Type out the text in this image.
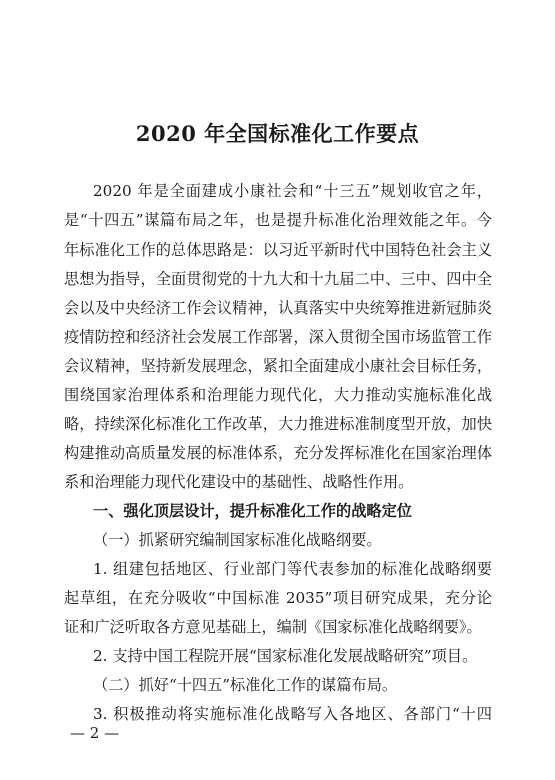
2020 年全国标准化工作要点
2020 年是全面建成小康社会和“十三五”规划收官之年，
是“十四五”谋篇布局之年，也是提升标准化治理效能之年。今
年标准化工作的总体思路是：以习近平新时代中国特色社会主义
思想为指导，全面贯彻党的十九大和十九届二中、三中、四中全
会以及中央经济工作会议精神，认真落实中央统筹推进新冠肺炎
疫情防控和经济社会发展工作部署，深入贯彻全国市场监管工作
会议精神，坚持新发展理念，紧扣全面建成小康社会目标任务，
围绕国家治理体系和治理能力现代化，大力推动实施标准化战
略，持续深化标准化工作改革，大力推进标准制度型开放，加快
构建推动高质量发展的标准体系，充分发挥标准化在国家治理体
系和治理能力现代化建设中的基础性、战略性作用。
一、强化顶层设计，提升标准化工作的战略定位
（一）抓紧研究编制国家标准化战略纲要。
1. 组建包括地区、行业部门等代表参加的标准化战略纲要
起草组，在充分吸收“中国标准 2035”项目研究成果，充分论
证和广泛听取各方意见基础上，编制《国家标准化战略纲要》。
2. 支持中国工程院开展“国家标准化发展战略研究”项目。
（二）抓好“十四五”标准化工作的谋篇布局。
3. 积极推动将实施标准化战略写入各地区、各部门“十四
— 2 —
